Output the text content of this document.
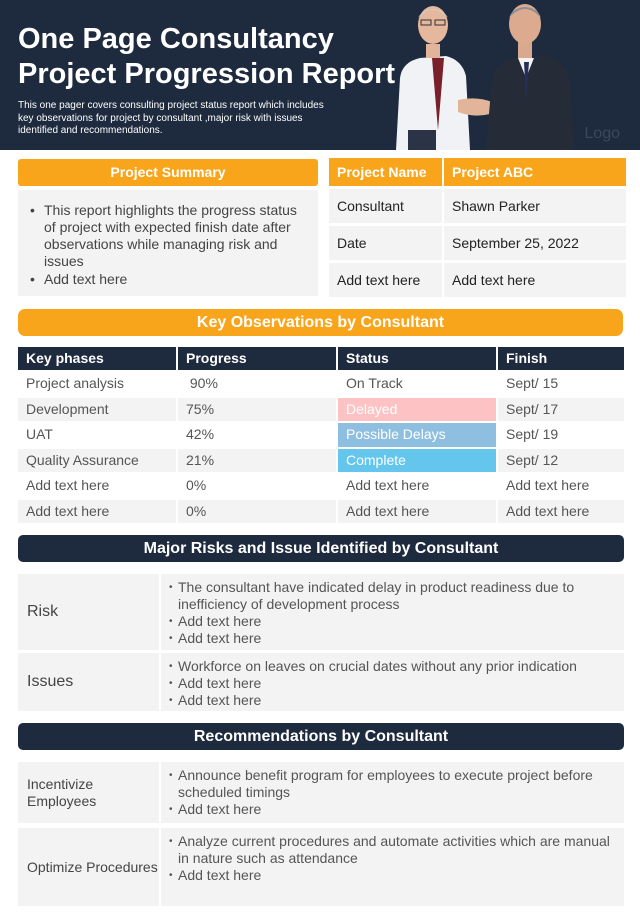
One Page Consultancy Project Progression Report
This one pager covers consulting project status report which includes key observations for project by consultant ,major risk with issues identified and recommendations.	Logo
Project Summary
• This report highlights the progress status of project with expected finish date after observations while managing risk and issues
• Add text here
Project Name	Project ABC
Consultant	Shawn Parker
Date	September 25, 2022
Add text here	Add text here
Key Observations by Consultant
Key phases	Progress	Status	Finish
Project analysis	90%	On Track	Sept/ 15
Development	75%	Delayed	Sept/ 17
UAT	42%	Possible Delays	Sept/ 19
Quality Assurance	21%	Complete	Sept/ 12
Add text here	0%	Add text here	Add text here
Add text here	0%	Add text here	Add text here
Major Risks and Issue Identified by Consultant
Risk
• The consultant have indicated delay in product readiness due to inefficiency of development process
• Add text here
• Add text here
Issues
• Workforce on leaves on crucial dates without any prior indication
• Add text here
• Add text here
Recommendations by Consultant
Incentivize Employees
• Announce benefit program for employees to execute project before scheduled timings
• Add text here
Optimize Procedures
• Analyze current procedures and automate activities which are manual in nature such as attendance
• Add text here
